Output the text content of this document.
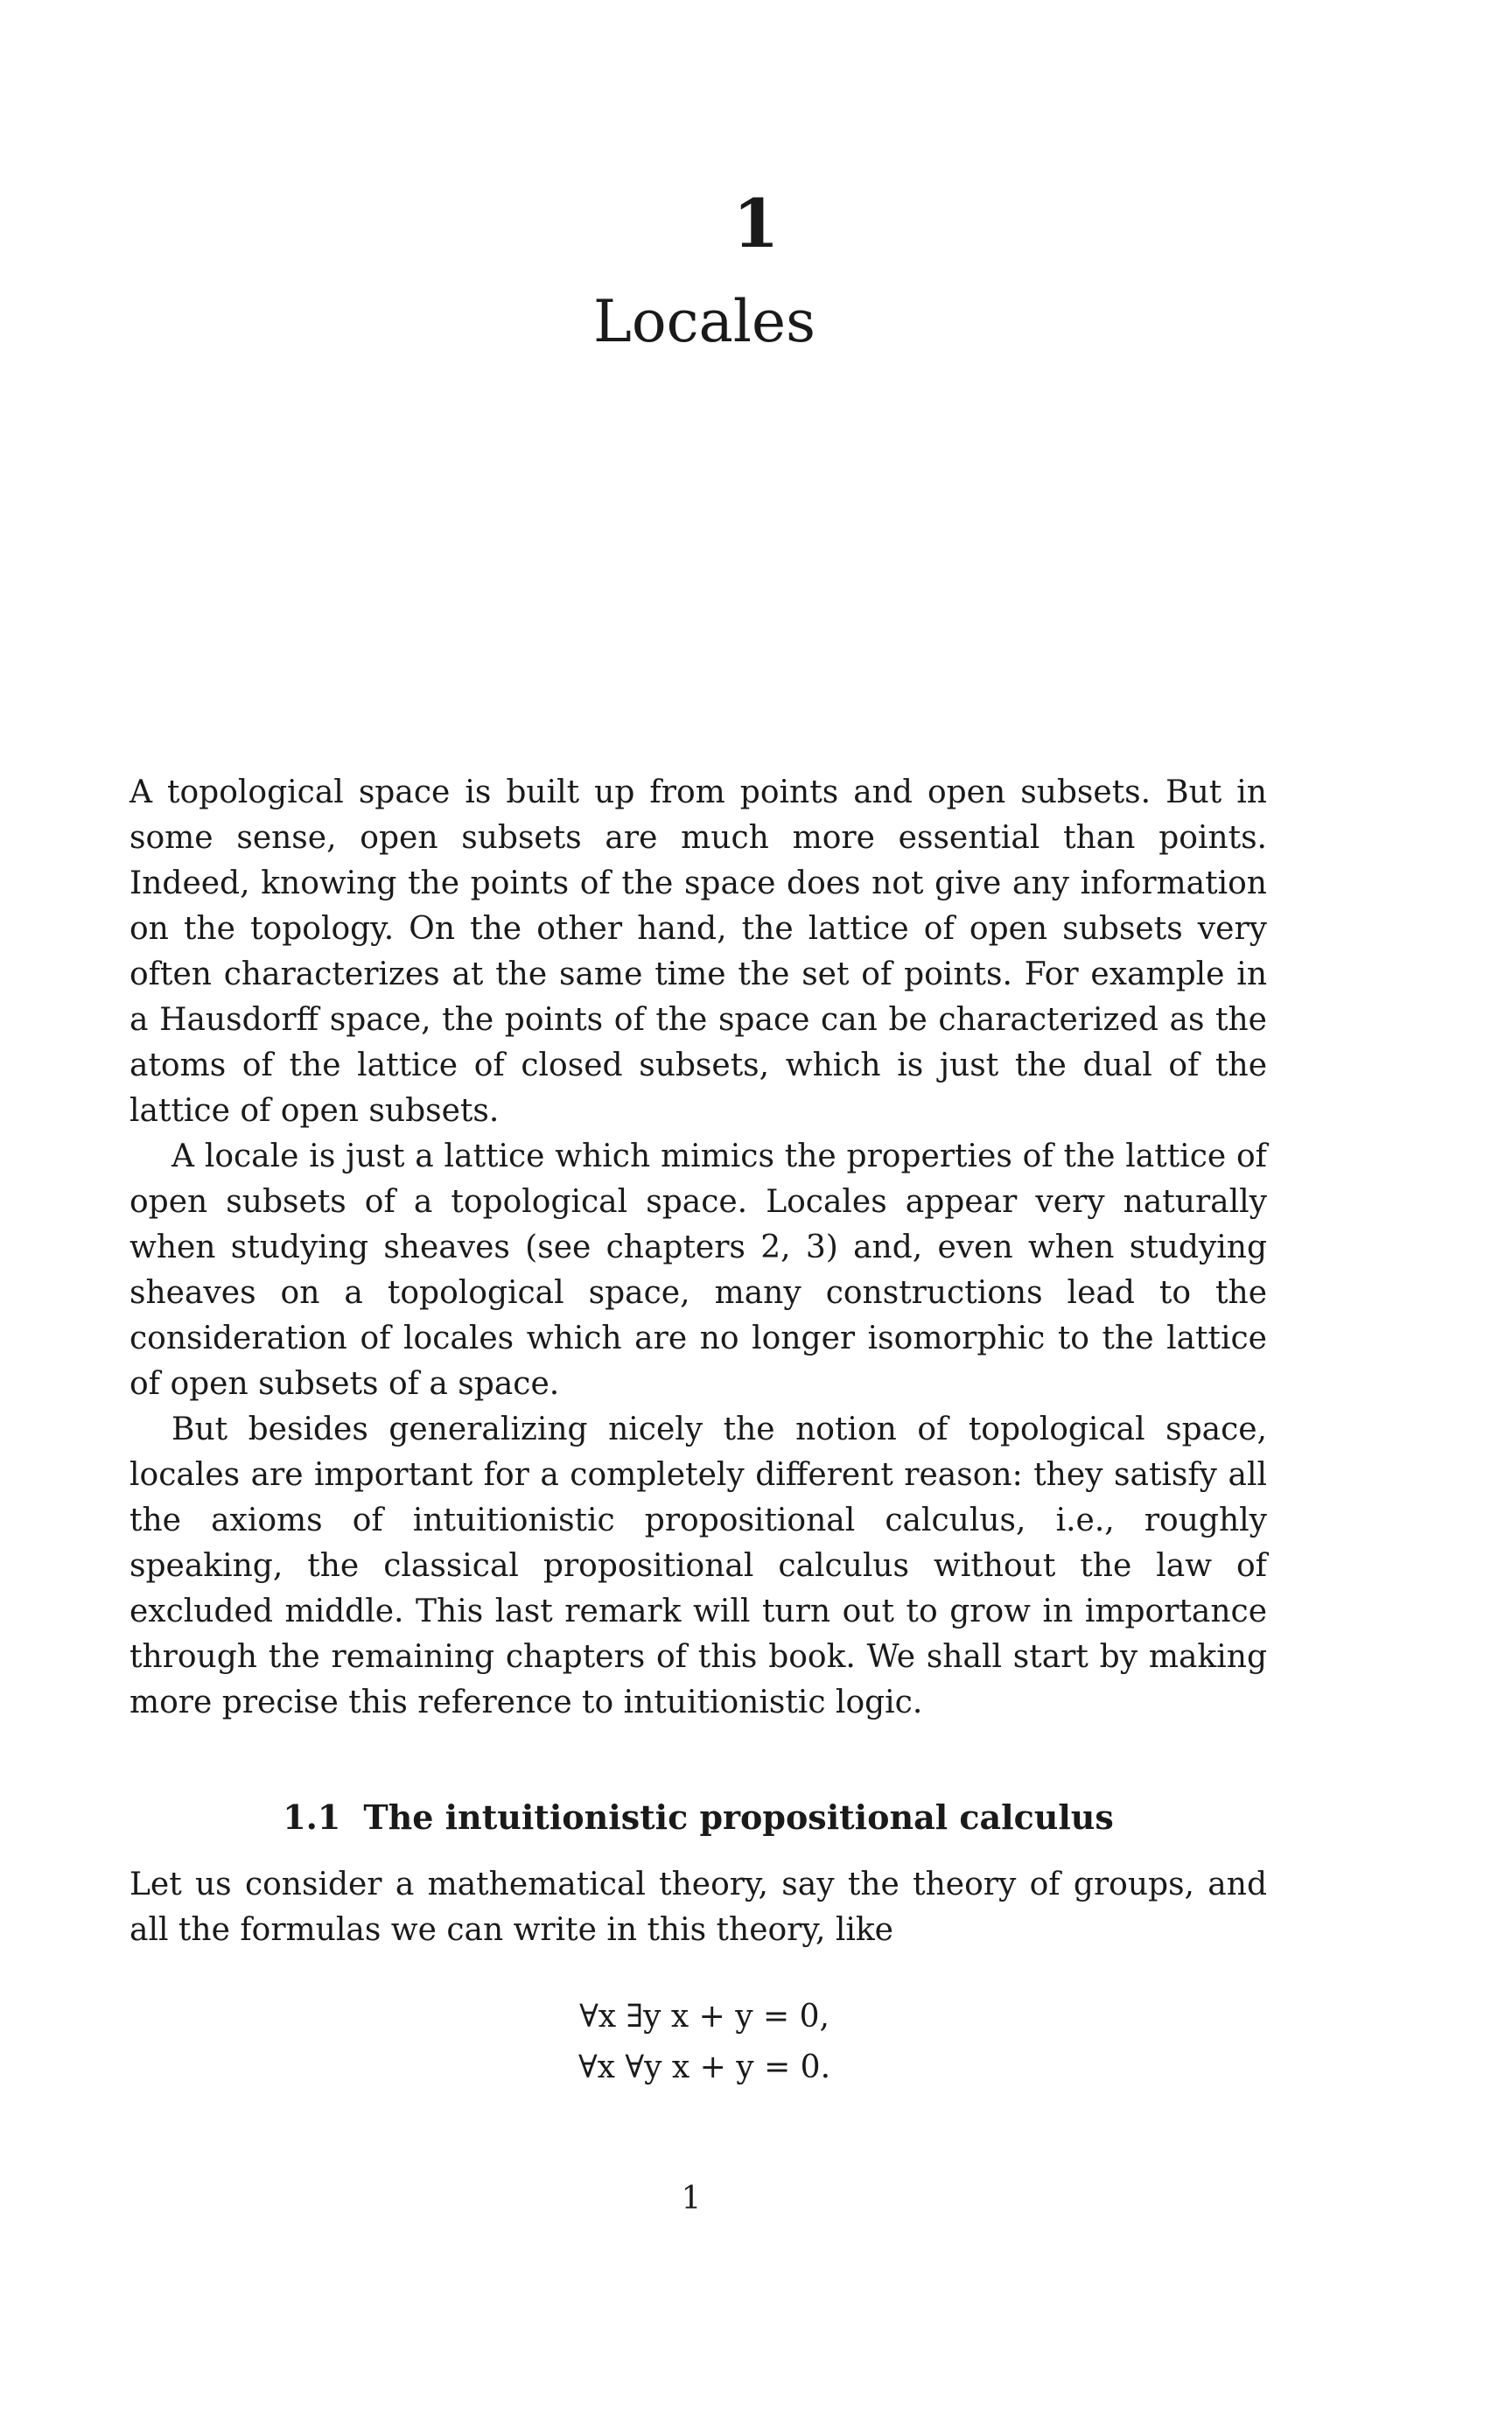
1
Locales

A topological space is built up from points and open subsets. But in some sense, open subsets are much more essential than points. Indeed, knowing the points of the space does not give any information on the topology. On the other hand, the lattice of open subsets very often characterizes at the same time the set of points. For example in a Hausdorff space, the points of the space can be characterized as the atoms of the lattice of closed subsets, which is just the dual of the lattice of open subsets.

A locale is just a lattice which mimics the properties of the lattice of open subsets of a topological space. Locales appear very naturally when studying sheaves (see chapters 2, 3) and, even when studying sheaves on a topological space, many constructions lead to the consideration of locales which are no longer isomorphic to the lattice of open subsets of a space.

But besides generalizing nicely the notion of topological space, locales are important for a completely different reason: they satisfy all the axioms of intuitionistic propositional calculus, i.e., roughly speaking, the classical propositional calculus without the law of excluded middle. This last remark will turn out to grow in importance through the remaining chapters of this book. We shall start by making more precise this reference to intuitionistic logic.

1.1 The intuitionistic propositional calculus

Let us consider a mathematical theory, say the theory of groups, and all the formulas we can write in this theory, like

∀x ∃y x + y = 0,
∀x ∀y x + y = 0.
1
